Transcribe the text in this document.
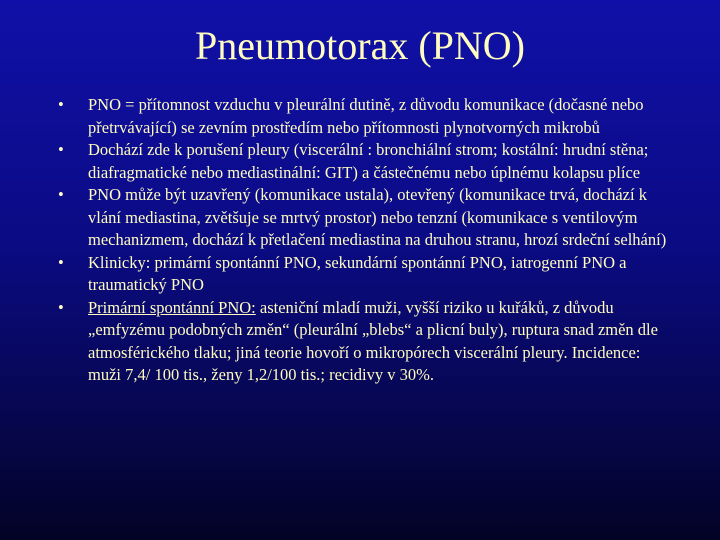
Pneumotorax (PNO)
• PNO = přítomnost vzduchu v pleurální dutině, z důvodu komunikace (dočasné nebo přetrvávající) se zevním prostředím nebo přítomnosti plynotvorných mikrobů
• Dochází zde k porušení pleury (viscerální : bronchiální strom; kostální: hrudní stěna; diafragmatické nebo mediastinální: GIT) a částečnému nebo úplnému kolapsu plíce
• PNO může být uzavřený (komunikace ustala), otevřený (komunikace trvá, dochází k vlání mediastina, zvětšuje se mrtvý prostor) nebo tenzní (komunikace s ventilovým mechanizmem, dochází k přetlačení mediastina na druhou stranu, hrozí srdeční selhání)
• Klinicky: primární spontánní PNO, sekundární spontánní PNO, iatrogenní PNO a traumatický PNO
• Primární spontánní PNO: asteniční mladí muži, vyšší riziko u kuřáků, z důvodu „emfyzému podobných změn“ (pleurální „blebs“ a plicní buly), ruptura snad změn dle atmosférického tlaku; jiná teorie hovoří o mikropórech viscerální pleury. Incidence: muži 7,4/ 100 tis., ženy 1,2/100 tis.; recidivy v 30%.
